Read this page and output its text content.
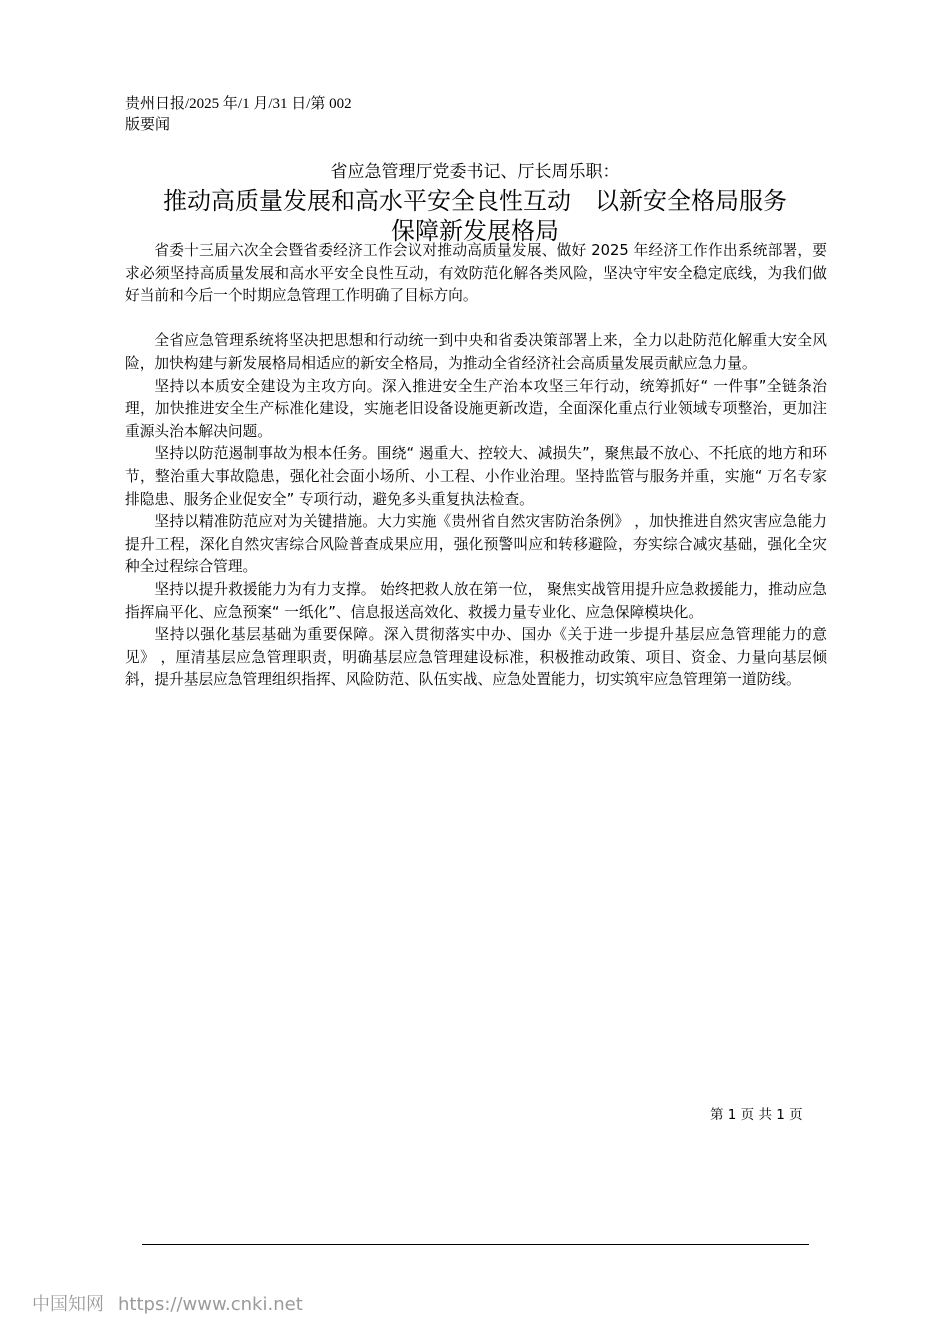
贵州日报/2025 年/1 月/31 日/第 002
版要闻
省应急管理厅党委书记、厅长周乐职：
推动高质量发展和高水平安全良性互动　以新安全格局服务
保障新发展格局

省委十三届六次全会暨省委经济工作会议对推动高质量发展、做好 2025 年经济工作作出系统部署，要求必须坚持高质量发展和高水平安全良性互动，有效防范化解各类风险，坚决守牢安全稳定底线，为我们做好当前和今后一个时期应急管理工作明确了目标方向。

全省应急管理系统将坚决把思想和行动统一到中央和省委决策部署上来，全力以赴防范化解重大安全风险，加快构建与新发展格局相适应的新安全格局，为推动全省经济社会高质量发展贡献应急力量。

坚持以本质安全建设为主攻方向。深入推进安全生产治本攻坚三年行动，统筹抓好“ 一件事”全链条治理，加快推进安全生产标准化建设，实施老旧设备设施更新改造，全面深化重点行业领域专项整治，更加注重源头治本解决问题。

坚持以防范遏制事故为根本任务。围绕“ 遏重大、控较大、减损失”，聚焦最不放心、不托底的地方和环节，整治重大事故隐患，强化社会面小场所、小工程、小作业治理。坚持监管与服务并重，实施“ 万名专家排隐患、服务企业促安全” 专项行动，避免多头重复执法检查。

坚持以精准防范应对为关键措施。大力实施《贵州省自然灾害防治条例》 ，加快推进自然灾害应急能力提升工程，深化自然灾害综合风险普查成果应用，强化预警叫应和转移避险，夯实综合减灾基础，强化全灾种全过程综合管理。

坚持以提升救援能力为有力支撑。 始终把救人放在第一位， 聚焦实战管用提升应急救援能力，推动应急指挥扁平化、应急预案“ 一纸化”、信息报送高效化、救援力量专业化、应急保障模块化。

坚持以强化基层基础为重要保障。深入贯彻落实中办、国办《关于进一步提升基层应急管理能力的意见》 ，厘清基层应急管理职责，明确基层应急管理建设标准，积极推动政策、项目、资金、力量向基层倾斜，提升基层应急管理组织指挥、风险防范、队伍实战、应急处置能力，切实筑牢应急管理第一道防线。

第 1 页 共 1 页
中国知网 https://www.cnki.net
